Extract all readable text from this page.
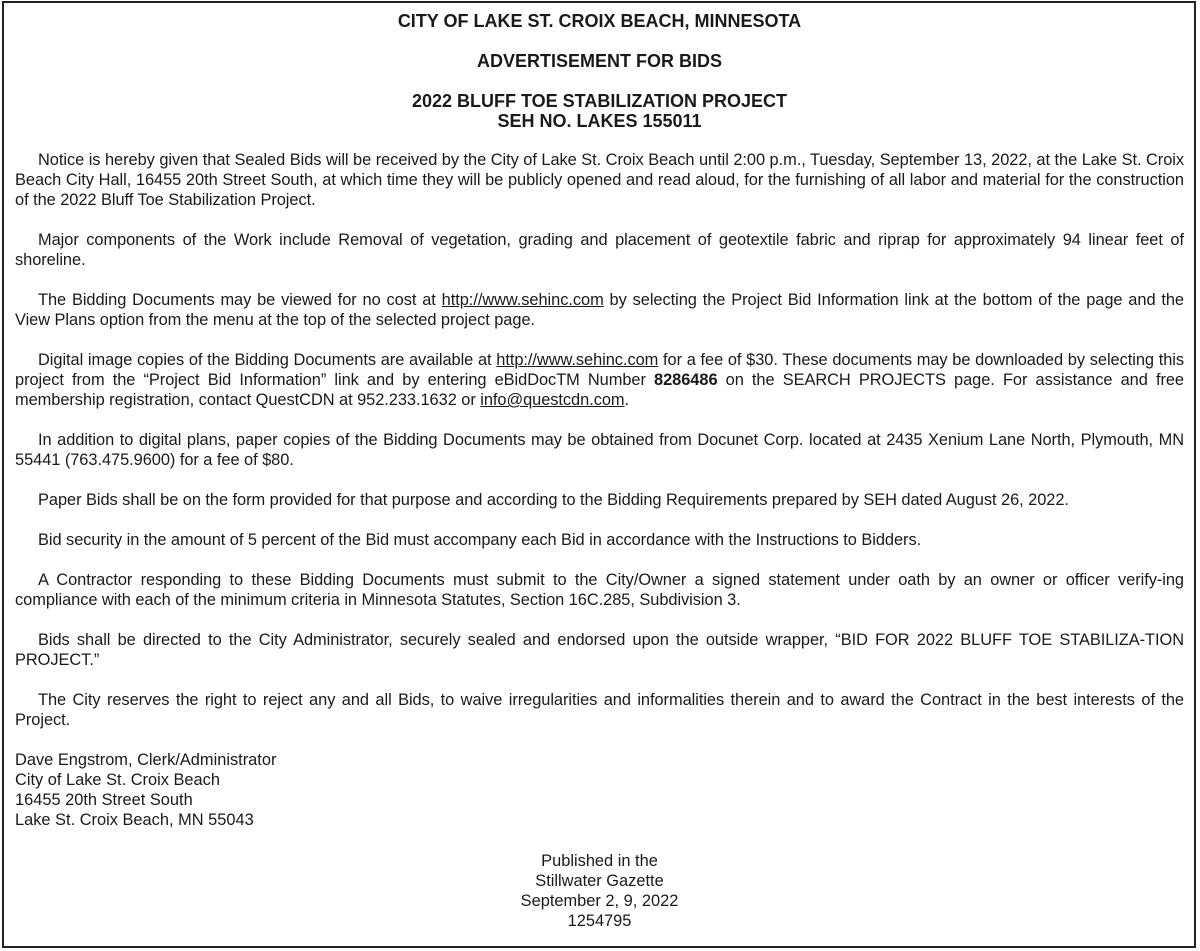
CITY OF LAKE ST. CROIX BEACH, MINNESOTA
ADVERTISEMENT FOR BIDS
2022 BLUFF TOE STABILIZATION PROJECT
SEH NO. LAKES 155011

Notice is hereby given that Sealed Bids will be received by the City of Lake St. Croix Beach until 2:00 p.m., Tuesday, September 13, 2022, at the Lake St. Croix Beach City Hall, 16455 20th Street South, at which time they will be publicly opened and read aloud, for the furnishing of all labor and material for the construction of the 2022 Bluff Toe Stabilization Project.

Major components of the Work include Removal of vegetation, grading and placement of geotextile fabric and riprap for approximately 94 linear feet of shoreline.

The Bidding Documents may be viewed for no cost at http://www.sehinc.com by selecting the Project Bid Information link at the bottom of the page and the View Plans option from the menu at the top of the selected project page.

Digital image copies of the Bidding Documents are available at http://www.sehinc.com for a fee of $30. These documents may be downloaded by selecting this project from the “Project Bid Information” link and by entering eBidDocTM Number 8286486 on the SEARCH PROJECTS page. For assistance and free membership registration, contact QuestCDN at 952.233.1632 or info@questcdn.com.

In addition to digital plans, paper copies of the Bidding Documents may be obtained from Docunet Corp. located at 2435 Xenium Lane North, Plymouth, MN 55441 (763.475.9600) for a fee of $80.

Paper Bids shall be on the form provided for that purpose and according to the Bidding Requirements prepared by SEH dated August 26, 2022.

Bid security in the amount of 5 percent of the Bid must accompany each Bid in accordance with the Instructions to Bidders.

A Contractor responding to these Bidding Documents must submit to the City/Owner a signed statement under oath by an owner or officer verify-ing compliance with each of the minimum criteria in Minnesota Statutes, Section 16C.285, Subdivision 3.

Bids shall be directed to the City Administrator, securely sealed and endorsed upon the outside wrapper, “BID FOR 2022 BLUFF TOE STABILIZA-TION PROJECT.”

The City reserves the right to reject any and all Bids, to waive irregularities and informalities therein and to award the Contract in the best interests of the Project.

Dave Engstrom, Clerk/Administrator
City of Lake St. Croix Beach
16455 20th Street South
Lake St. Croix Beach, MN 55043
Published in the
Stillwater Gazette
September 2, 9, 2022
1254795
